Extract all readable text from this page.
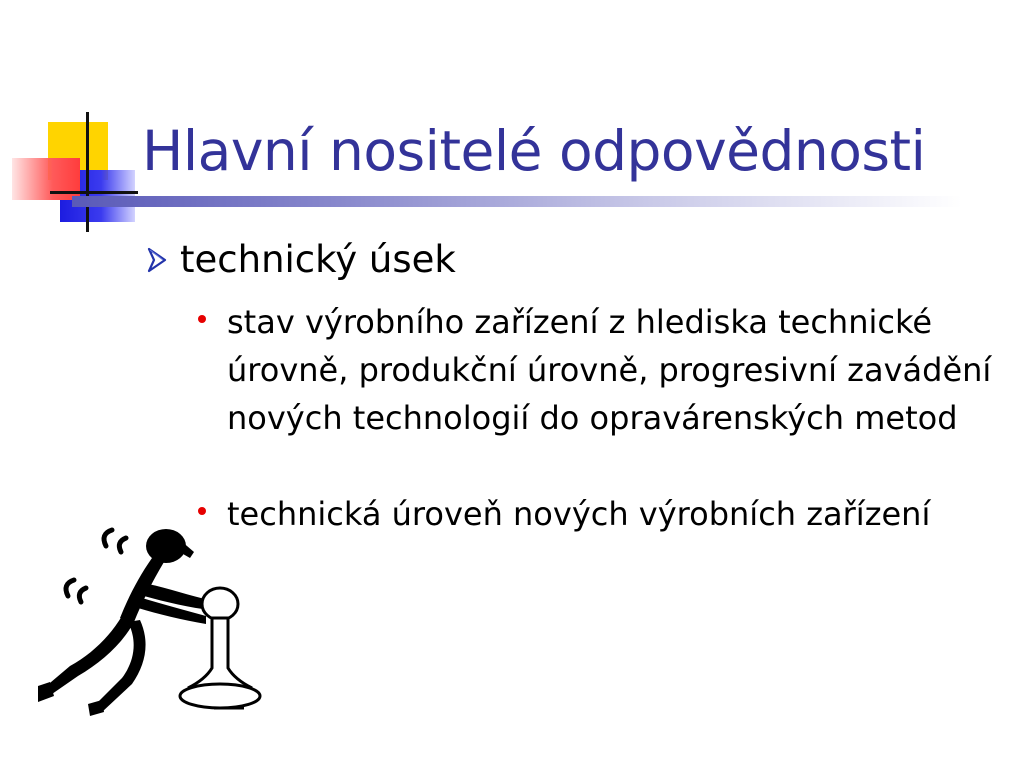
Hlavní nositelé odpovědnosti
technický úsek
stav výrobního zařízení z hlediska technické úrovně, produkční úrovně, progresivní zavádění nových technologií do opravárenských metod
technická úroveň nových výrobních zařízení
